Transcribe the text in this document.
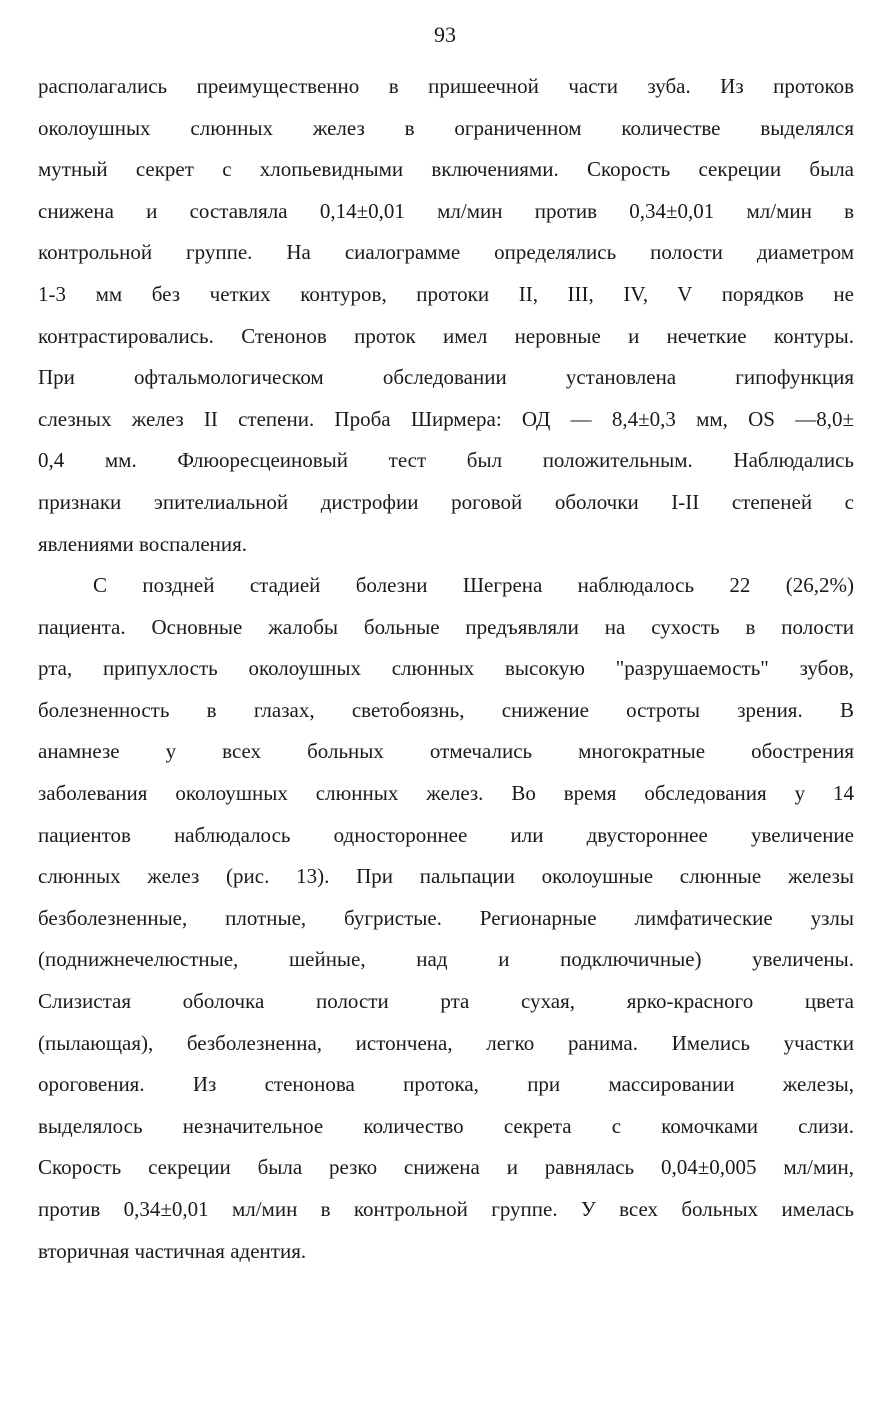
93
располагались преимущественно в пришеечной части зуба. Из протоков
околоушных слюнных желез в ограниченном количестве выделялся
мутный секрет с хлопьевидными включениями. Скорость секреции была
снижена и составляла 0,14±0,01 мл/мин против 0,34±0,01 мл/мин в
контрольной группе. На сиалограмме определялись полости диаметром
1-3 мм без четких контуров, протоки II, III, IV, V порядков не
контрастировались. Стенонов проток имел неровные и нечеткие контуры.
При офтальмологическом обследовании установлена гипофункция
слезных желез II степени. Проба Ширмера: ОД — 8,4±0,3 мм, OS —8,0±
0,4 мм. Флюоресцеиновый тест был положительным. Наблюдались
признаки эпителиальной дистрофии роговой оболочки I-II степеней с
явлениями воспаления.
С поздней стадией болезни Шегрена наблюдалось 22 (26,2%)
пациента. Основные жалобы больные предъявляли на сухость в полости
рта, припухлость околоушных слюнных высокую "разрушаемость" зубов,
болезненность в глазах, светобоязнь, снижение остроты зрения. В
анамнезе у всех больных отмечались многократные обострения
заболевания околоушных слюнных желез. Во время обследования у 14
пациентов наблюдалось одностороннее или двустороннее увеличение
слюнных желез (рис. 13). При пальпации околоушные слюнные железы
безболезненные, плотные, бугристые. Регионарные лимфатические узлы
(поднижнечелюстные, шейные, над и подключичные) увеличены.
Слизистая оболочка полости рта сухая, ярко-красного цвета
(пылающая), безболезненна, истончена, легко ранима. Имелись участки
ороговения. Из стенонова протока, при массировании железы,
выделялось незначительное количество секрета с комочками слизи.
Скорость секреции была резко снижена и равнялась 0,04±0,005 мл/мин,
против 0,34±0,01 мл/мин в контрольной группе. У всех больных имелась
вторичная частичная адентия.
